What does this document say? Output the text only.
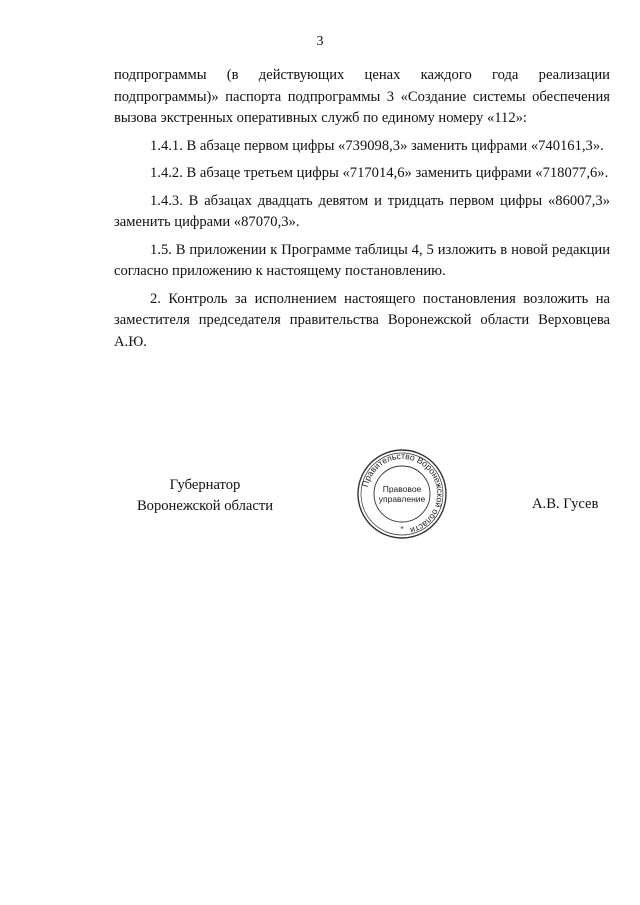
3

подпрограммы (в действующих ценах каждого года реализации подпрограммы)» паспорта подпрограммы 3 «Создание системы обеспечения вызова экстренных оперативных служб по единому номеру «112»:

1.4.1. В абзаце первом цифры «739098,3» заменить цифрами «740161,3».

1.4.2. В абзаце третьем цифры «717014,6» заменить цифрами «718077,6».

1.4.3. В абзацах двадцать девятом и тридцать первом цифры «86007,3» заменить цифрами «87070,3».

1.5. В приложении к Программе таблицы 4, 5 изложить в новой редакции согласно приложению к настоящему постановлению.

2. Контроль за исполнением настоящего постановления возложить на заместителя председателя правительства Воронежской области Верховцева А.Ю.

Губернатор
Воронежской области
Правительство Воронежской области
Правовое
управление
*
А.В. Гусев
